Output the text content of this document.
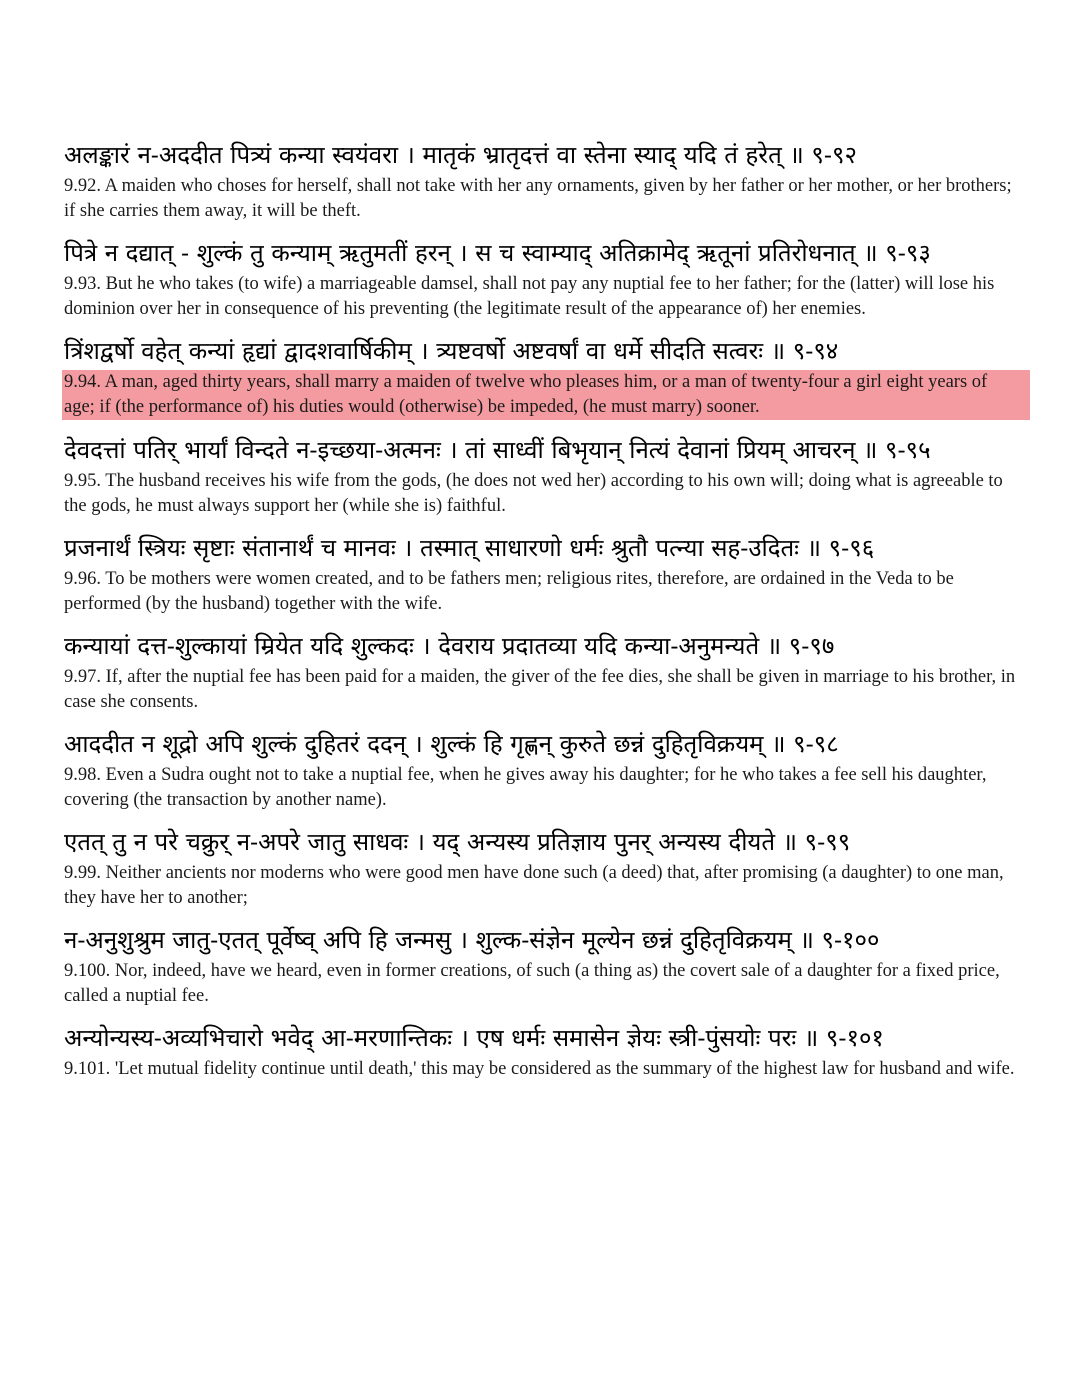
अलङ्कारं न-अददीत पित्र्यं कन्या स्वयंवरा । मातृकं भ्रातृदत्तं वा स्तेना स्याद् यदि तं हरेत् ॥ ९-९२
9.92. A maiden who choses for herself, shall not take with her any ornaments, given by her father or her mother, or her brothers; if she carries them away, it will be theft.
पित्रे न दद्यात् - शुल्कं तु कन्याम् ऋतुमतीं हरन् । स च स्वाम्याद् अतिक्रामेद् ऋतूनां प्रतिरोधनात् ॥ ९-९३
9.93. But he who takes (to wife) a marriageable damsel, shall not pay any nuptial fee to her father; for the (latter) will lose his dominion over her in consequence of his preventing (the legitimate result of the appearance of) her enemies.
त्रिंशद्वर्षो वहेत् कन्यां हृद्यां द्वादशवार्षिकीम् । त्र्यष्टवर्षो अष्टवर्षां वा धर्मे सीदति सत्वरः ॥ ९-९४
9.94. A man, aged thirty years, shall marry a maiden of twelve who pleases him, or a man of twenty-four a girl eight years of age; if (the performance of) his duties would (otherwise) be impeded, (he must marry) sooner.
देवदत्तां पतिर् भार्यां विन्दते न-इच्छया-अत्मनः । तां साध्वीं बिभृयान् नित्यं देवानां प्रियम् आचरन् ॥ ९-९५
9.95. The husband receives his wife from the gods, (he does not wed her) according to his own will; doing what is agreeable to the gods, he must always support her (while she is) faithful.
प्रजनार्थं स्त्रियः सृष्टाः संतानार्थं च मानवः । तस्मात् साधारणो धर्मः श्रुतौ पत्न्या सह-उदितः ॥ ९-९६
9.96. To be mothers were women created, and to be fathers men; religious rites, therefore, are ordained in the Veda to be performed (by the husband) together with the wife.
कन्यायां दत्त-शुल्कायां म्रियेत यदि शुल्कदः । देवराय प्रदातव्या यदि कन्या-अनुमन्यते ॥ ९-९७
9.97. If, after the nuptial fee has been paid for a maiden, the giver of the fee dies, she shall be given in marriage to his brother, in case she consents.
आददीत न शूद्रो अपि शुल्कं दुहितरं ददन् । शुल्कं हि गृह्णन् कुरुते छन्नं दुहितृविक्रयम् ॥ ९-९८
9.98. Even a Sudra ought not to take a nuptial fee, when he gives away his daughter; for he who takes a fee sell his daughter, covering (the transaction by another name).
एतत् तु न परे चक्रुर् न-अपरे जातु साधवः । यद् अन्यस्य प्रतिज्ञाय पुनर् अन्यस्य दीयते ॥ ९-९९
9.99. Neither ancients nor moderns who were good men have done such (a deed) that, after promising (a daughter) to one man, they have her to another;
न-अनुशुश्रुम जातु-एतत् पूर्वेष्व् अपि हि जन्मसु । शुल्क-संज्ञेन मूल्येन छन्नं दुहितृविक्रयम् ॥ ९-१००
9.100. Nor, indeed, have we heard, even in former creations, of such (a thing as) the covert sale of a daughter for a fixed price, called a nuptial fee.
अन्योन्यस्य-अव्यभिचारो भवेद् आ-मरणान्तिकः । एष धर्मः समासेन ज्ञेयः स्त्री-पुंसयोः परः ॥ ९-१०१
9.101. 'Let mutual fidelity continue until death,' this may be considered as the summary of the highest law for husband and wife.
